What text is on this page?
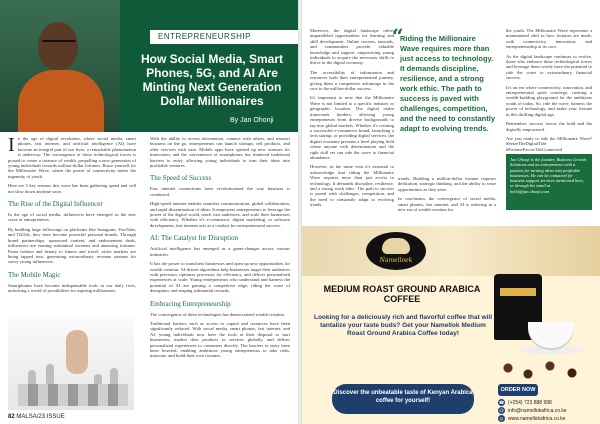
ENTREPRENEURSHIP
How Social Media, Smart Phones, 5G, and AI Are Minting Next Generation Dollar Millionaires
By Jan Ohonji

In the age of digital revolution, where social media, smart phones, fast internet, and artificial intelligence (AI) have become an integral part of our lives, a remarkable phenomenon is underway. The convergence of these technological forces is poised to create a treasure of wealth, propelling a new generation of young individuals towards million-dollar fortunes. Brace yourself for the Millionaire Wave, where the power of connectivity meets the ingenuity of youth.

Here are 5 key reasons this wave has been gathering speed and will not slow down anytime soon:

The Rise of the Digital Influencer

In the age of social media, influencers have emerged as the new wave of entrepreneurs.

By building large followings on platforms like Instagram, YouTube, and TikTok, they have become powerful personal brands. Through brand partnerships, sponsored content, and endorsement deals, influencers are earning substantial incomes and amassing fortunes. From fashion and beauty to fitness and travel, niche markets are being tapped into, generating extraordinary revenue streams for savvy young influencers.

The Mobile Magic

Smartphones have become indispensable tools in our daily lives, unlocking a world of possibilities for aspiring millionaires.

With the ability to access information, connect with others, and transact business on the go, entrepreneurs can launch startups, sell products, and offer services with ease. Mobile apps have opened up new avenues for innovation, and the convenience of smartphones has shattered traditional barriers to entry, allowing young individuals to turn their ideas into profitable ventures.

The Speed of Success

Fast internet connections have revolutionized the way business is conducted.

High-speed internet enables seamless communication, global collaboration, and rapid dissemination of ideas. It empowers entrepreneurs to leverage the power of the digital world, reach vast audiences, and scale their businesses with efficiency. Whether it's e-commerce, digital marketing, or software development, fast internet acts as a catalyst for entrepreneurial success.

AI: The Catalyst for Disruption

Artificial intelligence has emerged as a game-changer across various industries.

It has the power to transform businesses and open up new opportunities for wealth creation. AI-driven algorithms help businesses target their audiences with precision, optimize processes for efficiency, and deliver personalized experiences at scale. Young entrepreneurs who understand and harness the potential of AI are gaining a competitive edge, riding the wave of disruption, and reaping substantial rewards.

Embracing Entrepreneurship

The convergence of these technologies has democratized wealth creation.

Traditional barriers such as access to capital and resources have been significantly reduced. With social media, smart phones, fast internet, and AI, young individuals now have the tools at their disposal to start businesses, market their products or services globally, and deliver personalized experiences to customers directly. The barriers to entry have been lowered, enabling ambitious young entrepreneurs to take risks, innovate, and build their own fortunes.

82 MALSA/23 ISSUE

Moreover, the digital landscape offers unparalleled opportunities for learning and skill development. Online courses, tutorials, and communities provide valuable knowledge and support, empowering young individuals to acquire the necessary skills to thrive in the digital economy.

The accessibility of information and resources fuels their entrepreneurial journey, giving them a competitive advantage in the race to the million-dollar success.

It's important to note that the Millionaire Wave is not limited to a specific industry or geographic location. The digital realm transcends borders, allowing young entrepreneurs from diverse backgrounds to tap into global markets. Whether it's creating a successful e-commerce brand, launching a tech startup, or providing digital services, the digital economy presents a level playing field where anyone with determination and the right skill set can ride the wave to financial abundance.

However, in the same vein it's essential to acknowledge that riding the Millionaire Wave requires more than just access to technology. It demands discipline, resilience, and a strong work ethic. The path to success is paved with challenges, competition, and the need to constantly adapt to evolving trends.

“
Riding the Millionaire Wave requires more than just access to technology. It demands discipline, resilience, and a strong work ethic. The path to success is paved with challenges, competition, and the need to constantly adapt to evolving trends.

trends. Building a million-dollar fortune requires dedication, strategic thinking, and the ability to seize opportunities as they arise.

In conclusion, the convergence of social media, smart phones, fast internet, and AI is ushering in a new era of wealth creation for

the youth. The Millionaire Wave represents a monumental shift in how fortunes are made, with connectivity, innovation, and entrepreneurship at its core.

As the digital landscape continues to evolve, those who embrace these technological forces and leverage them wisely have the potential to ride the wave to extraordinary financial success.

It's an era where connectivity, innovation, and entrepreneurial spirit converge, creating a wealth-building playground for the ambitious youth of today. So, ride the wave, harness the power of technology, and make your fortune in this thrilling digital age.

Remember, success favors the bold and the digitally empowered.

Are you ready to ride the Millionaire Wave? #SeizeTheDigitalTide #FortuneFavorsTheConnected

Jan Ohonji is the founder, Business Growth Solutions and an entrepreneur with a passion for turning ideas into profitable businesses. He can be contacted for business support services mentioned here, or through his email at hello@jan.ohonji.com
Namelloek
MEDIUM ROAST GROUND ARABICA COFFEE
Looking for a deliciously rich and flavorful coffee that will tantalize your taste buds? Get your Namellok Medium Roast Ground Arabica Coffee today!
Discover the unbeatable taste of Kenyan Arabica coffee for yourself!
ORDER NOW
☎ (+254) 723 888 998
@ info@namellokafrica.co.ke
◎ www.namellokafrica.co.ke
